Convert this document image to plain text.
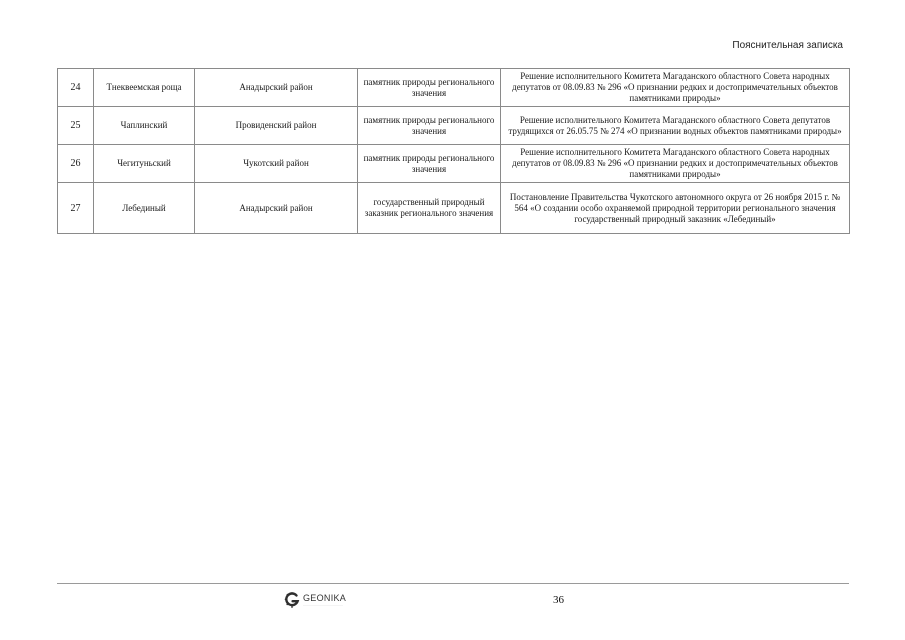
Пояснительная записка
24	Тнеквеемская роща	Анадырский район	памятник природы регионального значения	Решение исполнительного Комитета Магаданского областного Совета народных депутатов от 08.09.83 № 296 «О признании редких и достопримечательных объектов памятниками природы»
25	Чаплинский	Провиденский район	памятник природы регионального значения	Решение исполнительного Комитета Магаданского областного Совета депутатов трудящихся от 26.05.75 № 274 «О признании водных объектов памятниками природы»
26	Чегитуньский	Чукотский район	памятник природы регионального значения	Решение исполнительного Комитета Магаданского областного Совета народных депутатов от 08.09.83 № 296 «О признании редких и достопримечательных объектов памятниками природы»
27	Лебединый	Анадырский район	государственный природный заказник регионального значения	Постановление Правительства Чукотского автономного округа от 26 ноября 2015 г. № 564 «О создании особо охраняемой природной территории регионального значения государственный природный заказник «Лебединый»
GEONIKA
········································	36
